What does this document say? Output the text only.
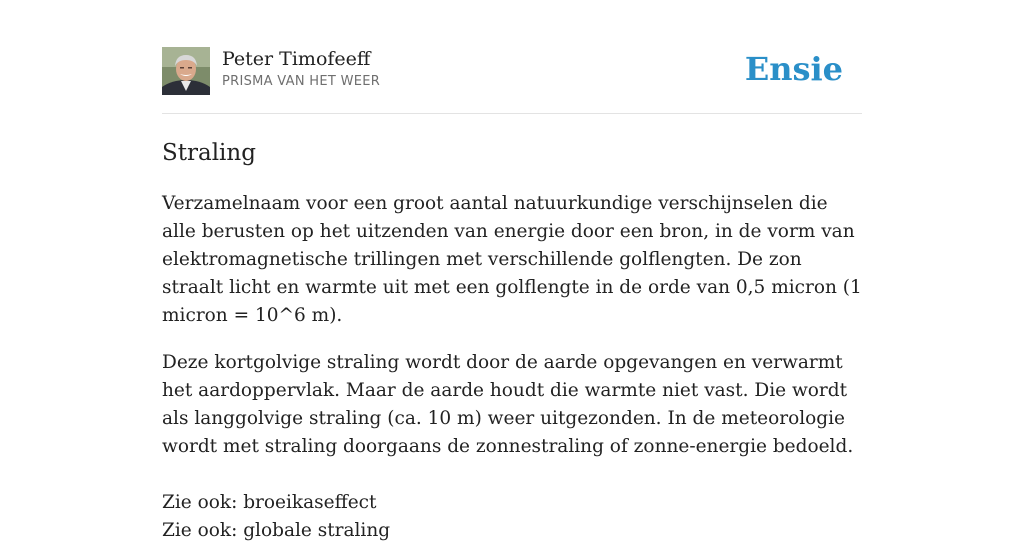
Peter Timofeeff
PRISMA VAN HET WEER	Ensie
Straling

Verzamelnaam voor een groot aantal natuurkundige verschijnselen die alle berusten op het uitzenden van energie door een bron, in de vorm van elektromagnetische trillingen met verschillende golflengten. De zon straalt licht en warmte uit met een golflengte in de orde van 0,5 micron (1 micron = 10^6 m).

Deze kortgolvige straling wordt door de aarde opgevangen en verwarmt het aardoppervlak. Maar de aarde houdt die warmte niet vast. Die wordt als langgolvige straling (ca. 10 m) weer uitgezonden. In de meteorologie wordt met straling doorgaans de zonnestraling of zonne-energie bedoeld.

Zie ook: broeikaseffect
Zie ook: globale straling
